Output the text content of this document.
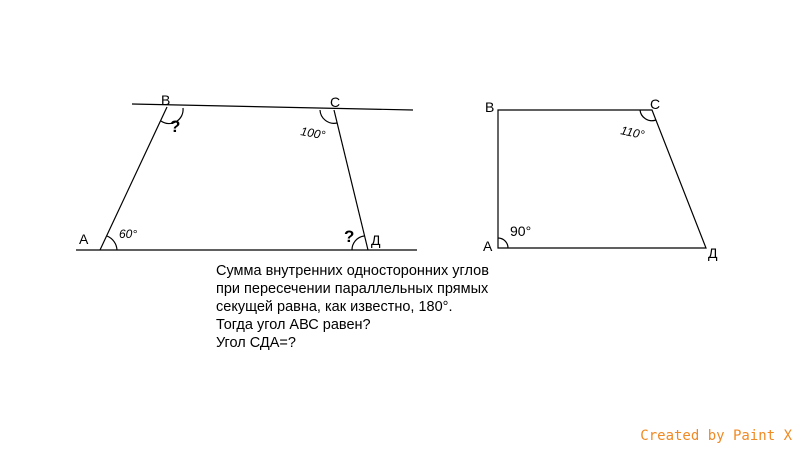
А
В	С
Д
60°
?	100°
?	А
В	С
Д
90°
110°
Сумма внутренних односторонних углов
при пересечении параллельных прямых
секущей равна, как известно, 180°.
Тогда угол АВС равен?
Угол СДА=?
Created by Paint X
